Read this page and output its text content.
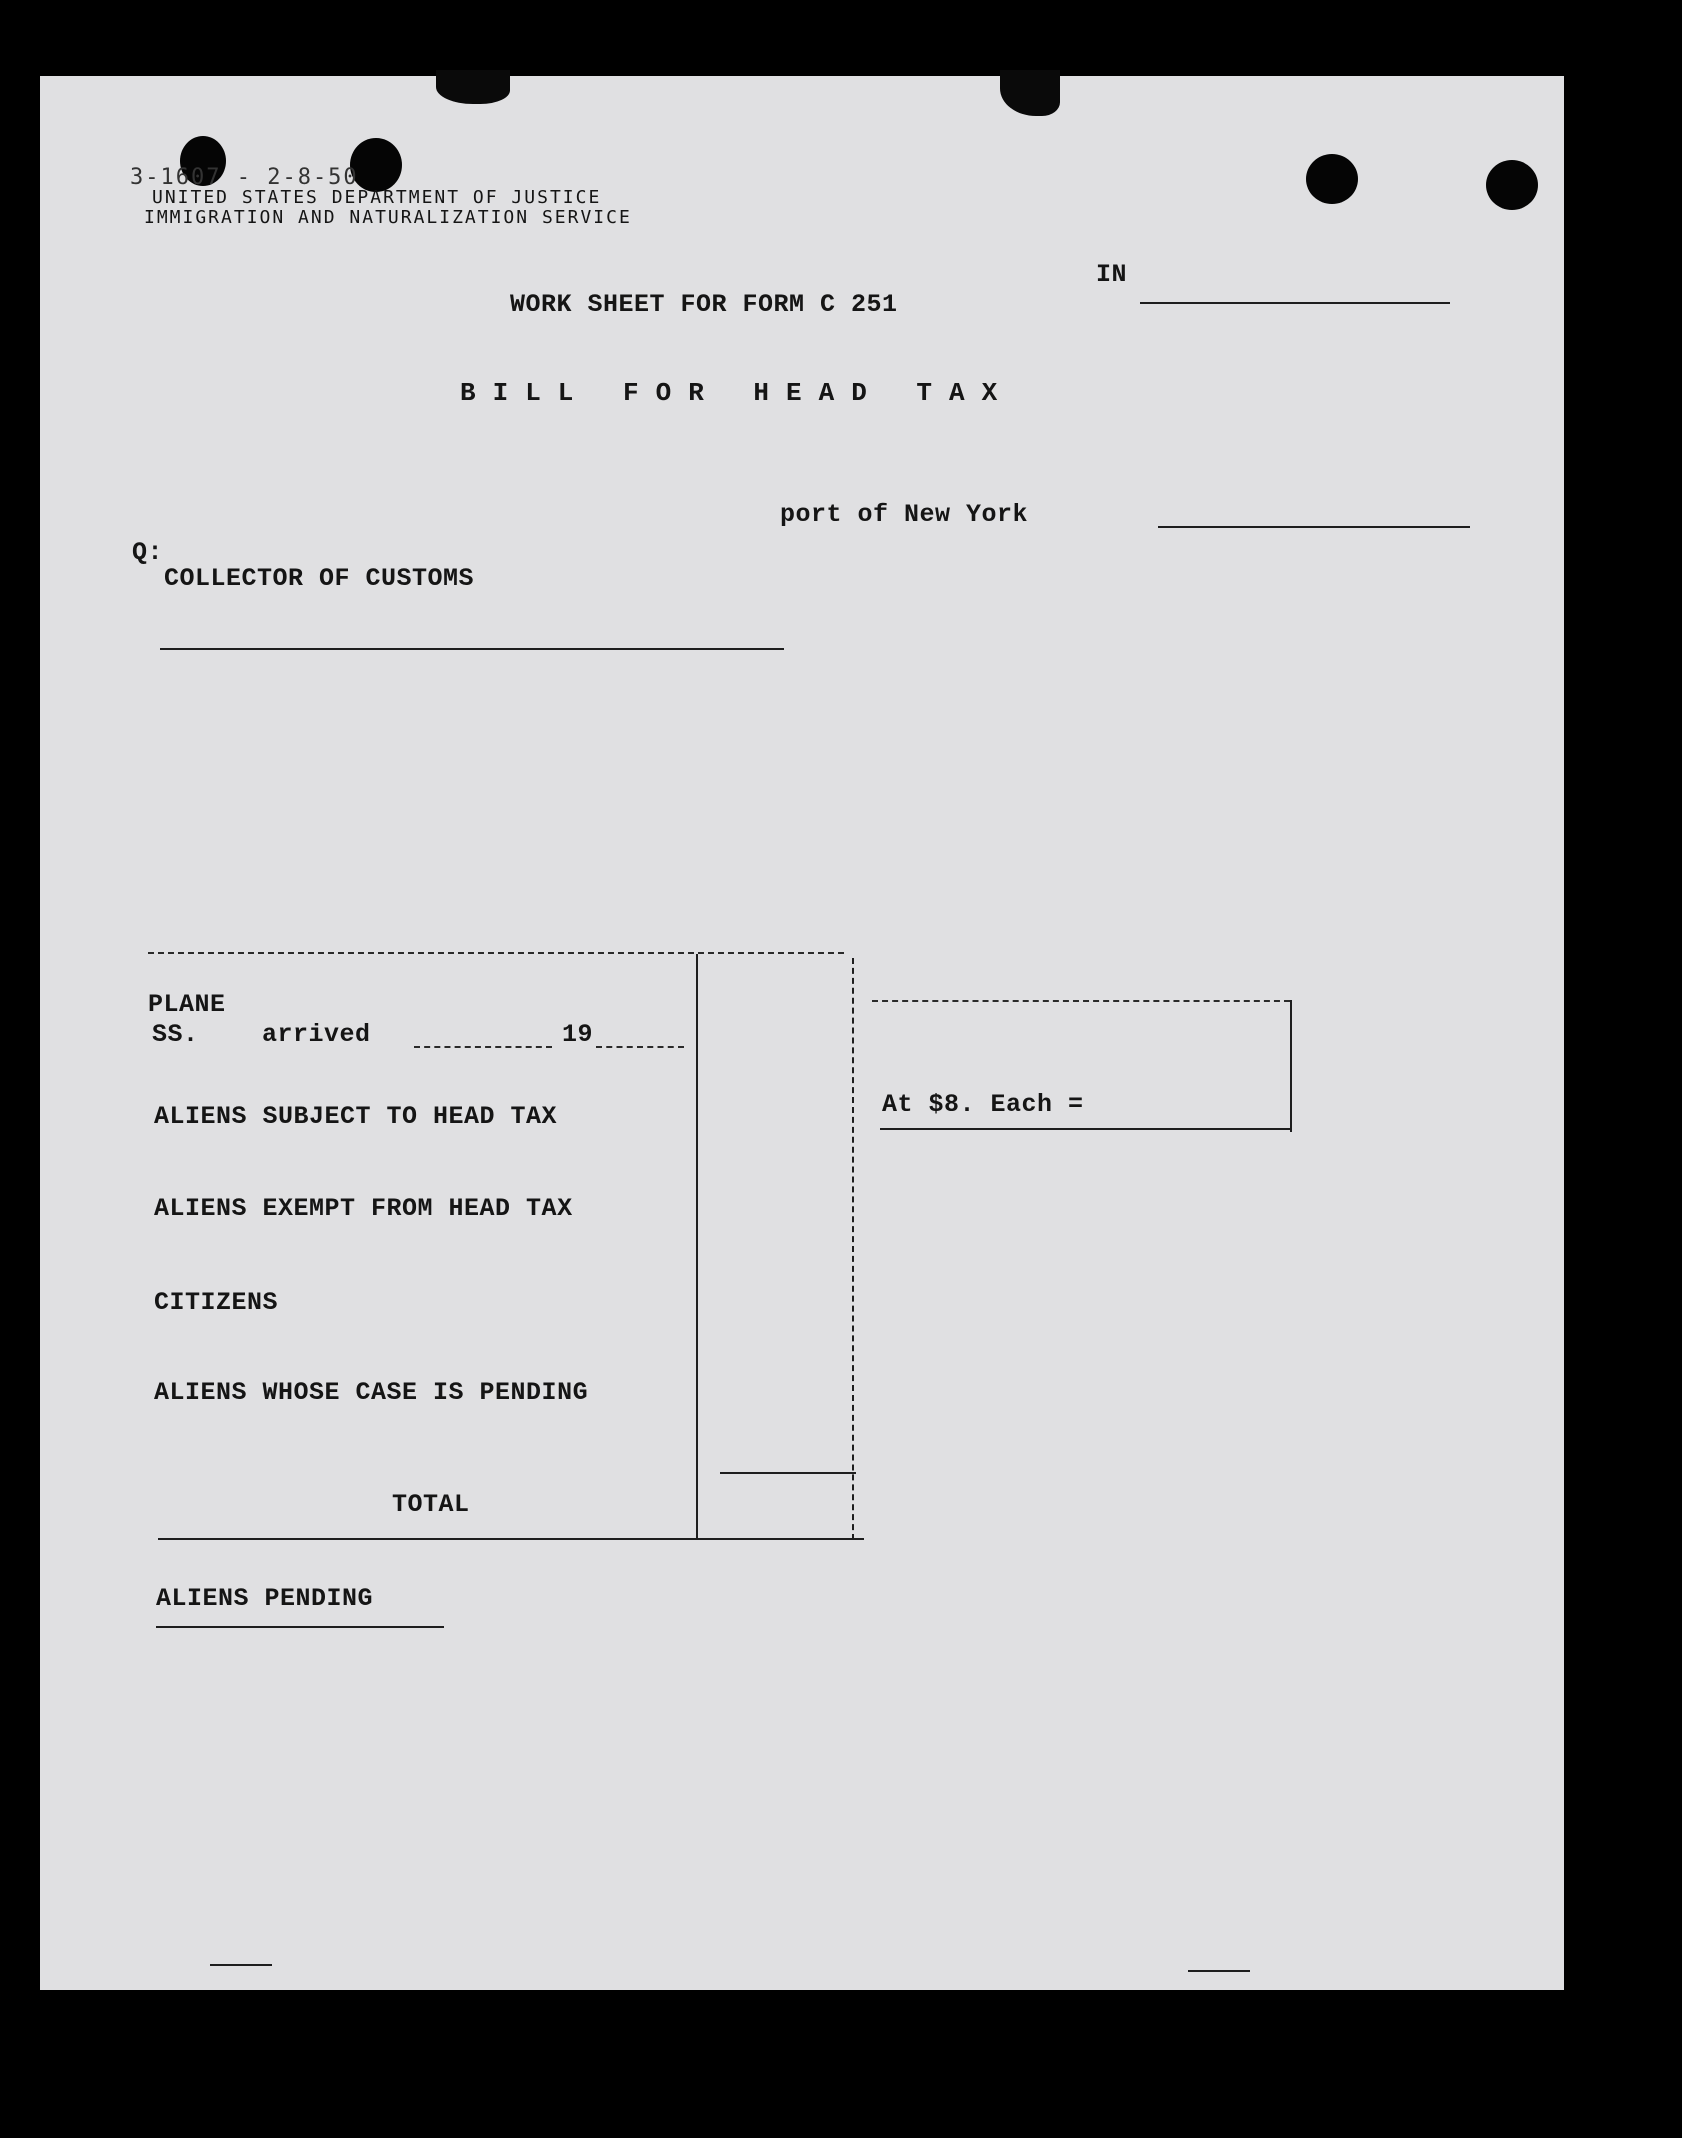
3-1607 - 2-8-50
UNITED STATES DEPARTMENT OF JUSTICE
IMMIGRATION AND NATURALIZATION SERVICE
IN
WORK SHEET FOR FORM C 251
BILL FOR HEAD TAX
port of New York
Q:
COLLECTOR OF CUSTOMS
PLANE
SS.	arrived	19
ALIENS SUBJECT TO HEAD TAX
ALIENS EXEMPT FROM HEAD TAX
CITIZENS
ALIENS WHOSE CASE IS PENDING
TOTAL
At $8. Each =
ALIENS PENDING
